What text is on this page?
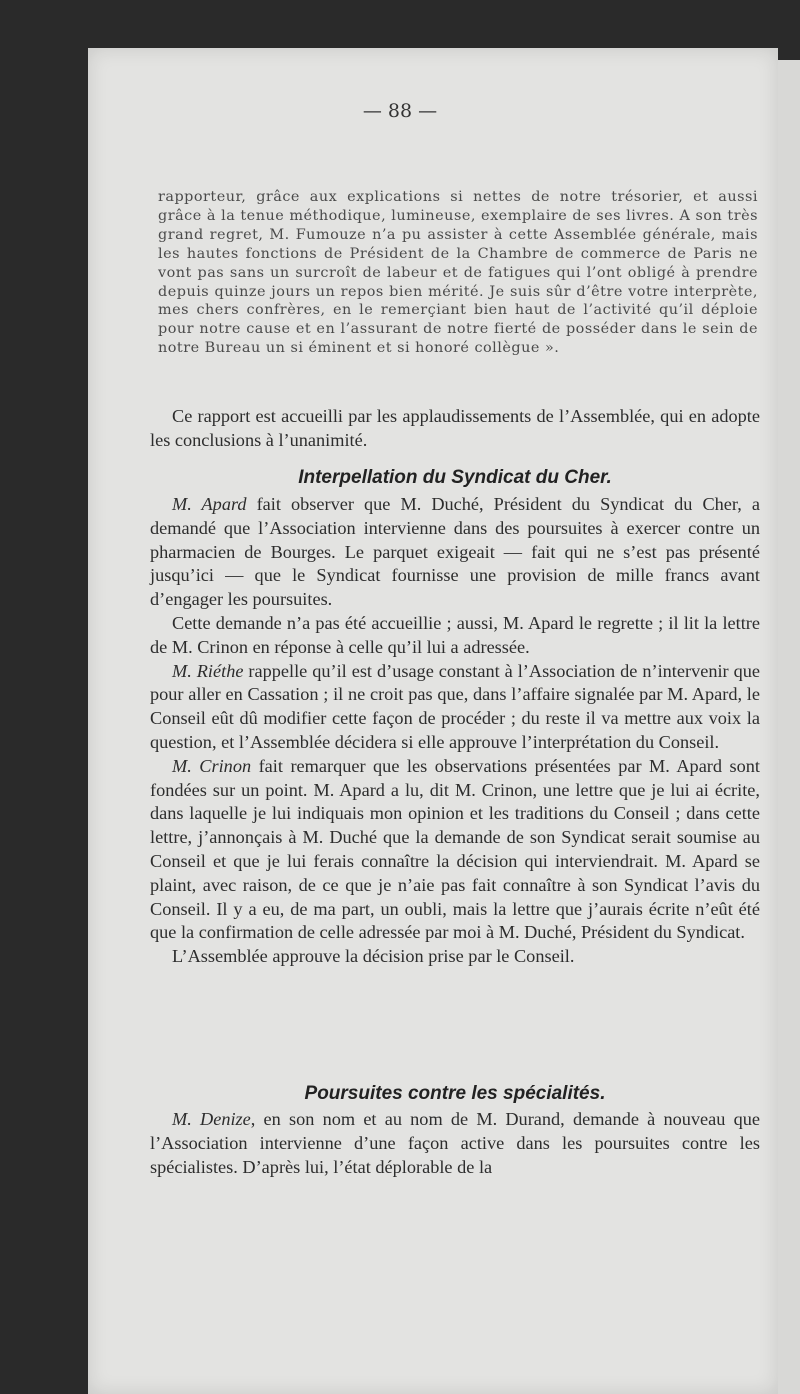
— 88 —
rapporteur, grâce aux explications si nettes de notre trésorier, et aussi grâce à la tenue méthodique, lumineuse, exemplaire de ses livres. A son très grand regret, M. Fumouze n’a pu assister à cette Assemblée générale, mais les hautes fonctions de Président de la Chambre de commerce de Paris ne vont pas sans un surcroît de labeur et de fatigues qui l’ont obligé à prendre depuis quinze jours un repos bien mérité. Je suis sûr d’être votre interprète, mes chers confrères, en le remerçiant bien haut de l’activité qu’il déploie pour notre cause et en l’assurant de notre fierté de posséder dans le sein de notre Bureau un si éminent et si honoré collègue ».

Ce rapport est accueilli par les applaudissements de l’Assemblée, qui en adopte les conclusions à l’unanimité.

Interpellation du Syndicat du Cher.

M. Apard fait observer que M. Duché, Président du Syndicat du Cher, a demandé que l’Association intervienne dans des poursuites à exercer contre un pharmacien de Bourges. Le parquet exigeait — fait qui ne s’est pas présenté jusqu’ici — que le Syndicat fournisse une provision de mille francs avant d’engager les poursuites.

Cette demande n’a pas été accueillie ; aussi, M. Apard le regrette ; il lit la lettre de M. Crinon en réponse à celle qu’il lui a adressée.

M. Riéthe rappelle qu’il est d’usage constant à l’Association de n’intervenir que pour aller en Cassation ; il ne croit pas que, dans l’affaire signalée par M. Apard, le Conseil eût dû modifier cette façon de procéder ; du reste il va mettre aux voix la question, et l’Assemblée décidera si elle approuve l’interprétation du Conseil.

M. Crinon fait remarquer que les observations présentées par M. Apard sont fondées sur un point. M. Apard a lu, dit M. Crinon, une lettre que je lui ai écrite, dans laquelle je lui indiquais mon opinion et les traditions du Conseil ; dans cette lettre, j’annonçais à M. Duché que la demande de son Syndicat serait soumise au Conseil et que je lui ferais connaître la décision qui interviendrait. M. Apard se plaint, avec raison, de ce que je n’aie pas fait connaître à son Syndicat l’avis du Conseil. Il y a eu, de ma part, un oubli, mais la lettre que j’aurais écrite n’eût été que la confirmation de celle adressée par moi à M. Duché, Président du Syndicat.

L’Assemblée approuve la décision prise par le Conseil.

Poursuites contre les spécialités.

M. Denize, en son nom et au nom de M. Durand, demande à nouveau que l’Association intervienne d’une façon active dans les poursuites contre les spécialistes. D’après lui, l’état déplorable de la
